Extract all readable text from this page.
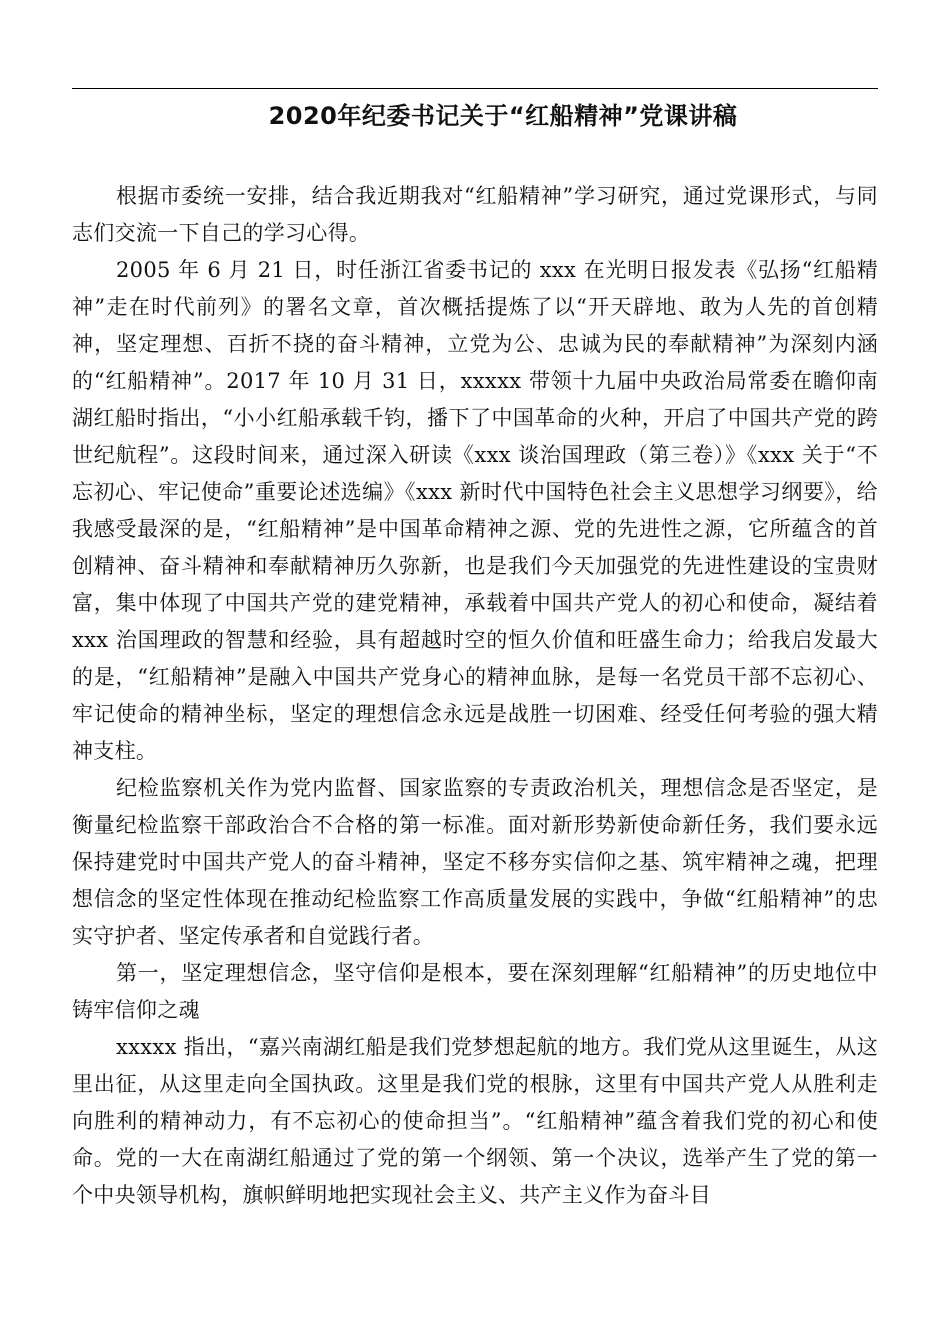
2020年纪委书记关于“红船精神”党课讲稿

根据市委统一安排，结合我近期我对“红船精神”学习研究，通过党课形式，与同志们交流一下自己的学习心得。

2005 年 6 月 21 日，时任浙江省委书记的 xxx 在光明日报发表《弘扬“红船精神”走在时代前列》的署名文章，首次概括提炼了以“开天辟地、敢为人先的首创精神，坚定理想、百折不挠的奋斗精神，立党为公、忠诚为民的奉献精神”为深刻内涵的“红船精神”。2017 年 10 月 31 日，xxxxx 带领十九届中央政治局常委在瞻仰南湖红船时指出，“小小红船承载千钧，播下了中国革命的火种，开启了中国共产党的跨世纪航程”。这段时间来，通过深入研读《xxx 谈治国理政（第三卷）》《xxx 关于“不忘初心、牢记使命”重要论述选编》《xxx 新时代中国特色社会主义思想学习纲要》，给我感受最深的是，“红船精神”是中国革命精神之源、党的先进性之源，它所蕴含的首创精神、奋斗精神和奉献精神历久弥新，也是我们今天加强党的先进性建设的宝贵财富，集中体现了中国共产党的建党精神，承载着中国共产党人的初心和使命，凝结着 xxx 治国理政的智慧和经验，具有超越时空的恒久价值和旺盛生命力；给我启发最大的是，“红船精神”是融入中国共产党身心的精神血脉，是每一名党员干部不忘初心、牢记使命的精神坐标，坚定的理想信念永远是战胜一切困难、经受任何考验的强大精神支柱。

纪检监察机关作为党内监督、国家监察的专责政治机关，理想信念是否坚定，是衡量纪检监察干部政治合不合格的第一标准。面对新形势新使命新任务，我们要永远保持建党时中国共产党人的奋斗精神，坚定不移夯实信仰之基、筑牢精神之魂，把理想信念的坚定性体现在推动纪检监察工作高质量发展的实践中，争做“红船精神”的忠实守护者、坚定传承者和自觉践行者。

第一，坚定理想信念，坚守信仰是根本，要在深刻理解“红船精神”的历史地位中铸牢信仰之魂

xxxxx 指出，“嘉兴南湖红船是我们党梦想起航的地方。我们党从这里诞生，从这里出征，从这里走向全国执政。这里是我们党的根脉，这里有中国共产党人从胜利走向胜利的精神动力，有不忘初心的使命担当”。“红船精神”蕴含着我们党的初心和使命。党的一大在南湖红船通过了党的第一个纲领、第一个决议，选举产生了党的第一个中央领导机构，旗帜鲜明地把实现社会主义、共产主义作为奋斗目
